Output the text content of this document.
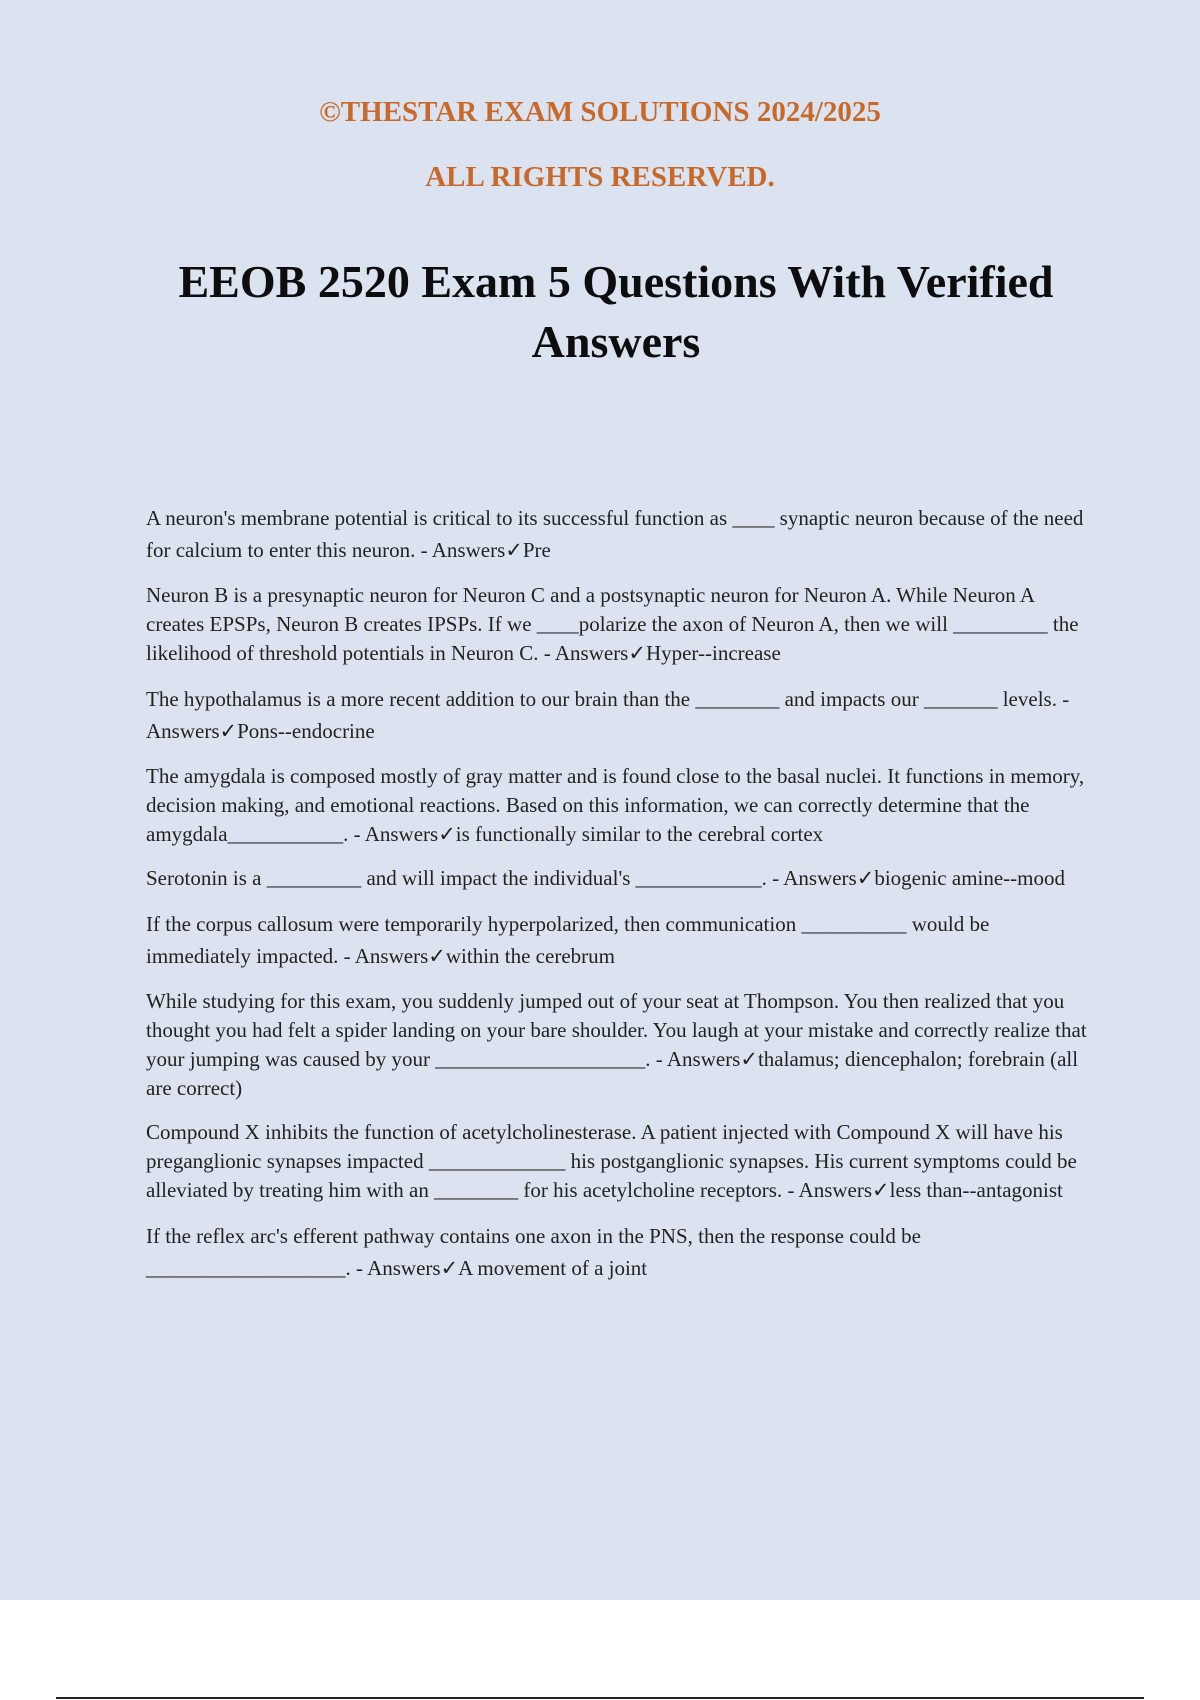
©THESTAR EXAM SOLUTIONS 2024/2025
ALL RIGHTS RESERVED.
EEOB 2520 Exam 5 Questions With Verified Answers

A neuron's membrane potential is critical to its successful function as ____ synaptic neuron because of the need for calcium to enter this neuron. - Answers✓Pre

Neuron B is a presynaptic neuron for Neuron C and a postsynaptic neuron for Neuron A. While Neuron A creates EPSPs, Neuron B creates IPSPs. If we ____polarize the axon of Neuron A, then we will _________ the likelihood of threshold potentials in Neuron C. - Answers✓Hyper--increase

The hypothalamus is a more recent addition to our brain than the ________ and impacts our _______ levels. - Answers✓Pons--endocrine

The amygdala is composed mostly of gray matter and is found close to the basal nuclei. It functions in memory, decision making, and emotional reactions. Based on this information, we can correctly determine that the amygdala___________. - Answers✓is functionally similar to the cerebral cortex

Serotonin is a _________ and will impact the individual's ____________. - Answers✓biogenic amine--mood

If the corpus callosum were temporarily hyperpolarized, then communication __________ would be immediately impacted. - Answers✓within the cerebrum

While studying for this exam, you suddenly jumped out of your seat at Thompson. You then realized that you thought you had felt a spider landing on your bare shoulder. You laugh at your mistake and correctly realize that your jumping was caused by your ____________________. - Answers✓thalamus; diencephalon; forebrain (all are correct)

Compound X inhibits the function of acetylcholinesterase. A patient injected with Compound X will have his preganglionic synapses impacted _____________ his postganglionic synapses. His current symptoms could be alleviated by treating him with an ________ for his acetylcholine receptors. - Answers✓less than--antagonist

If the reflex arc's efferent pathway contains one axon in the PNS, then the response could be ___________________. - Answers✓A movement of a joint
